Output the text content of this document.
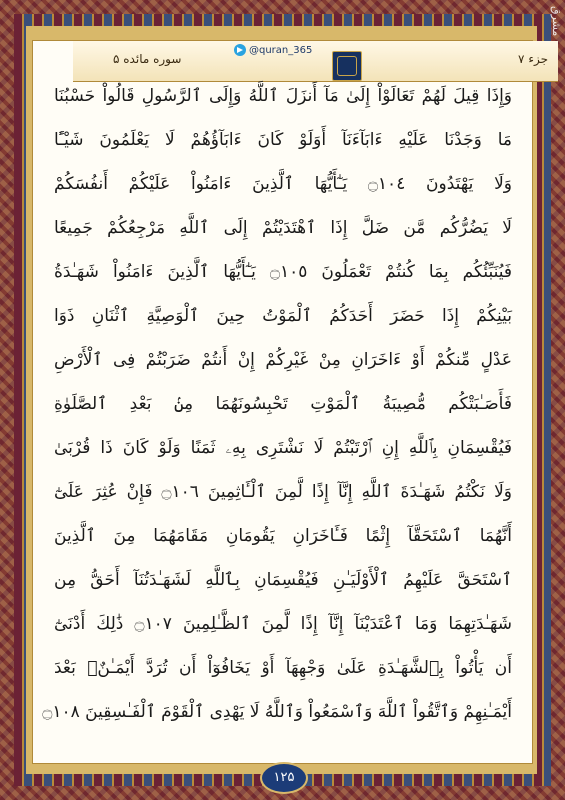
جزء ۷
سوره مائده ۵
@quran_365
مشرق
وَإِذَا قِيلَ لَهُمْ تَعَالَوْاْ إِلَىٰ مَآ أَنزَلَ ٱللَّهُ وَإِلَى ٱلرَّسُولِ قَالُواْ حَسْبُنَا
مَا وَجَدْنَا عَلَيْهِ ءَابَآءَنَآ أَوَلَوْ كَانَ ءَابَآؤُهُمْ لَا يَعْلَمُونَ شَيْـًٔا
وَلَا يَهْتَدُونَ ۝١٠٤ يَـٰٓأَيُّهَا ٱلَّذِينَ ءَامَنُواْ عَلَيْكُمْ أَنفُسَكُمْ
لَا يَضُرُّكُم مَّن ضَلَّ إِذَا ٱهْتَدَيْتُمْ إِلَى ٱللَّهِ مَرْجِعُكُمْ جَمِيعًا
فَيُنَبِّئُكُم بِمَا كُنتُمْ تَعْمَلُونَ ۝١٠٥ يَـٰٓأَيُّهَا ٱلَّذِينَ ءَامَنُواْ شَهَـٰدَةُ
بَيْنِكُمْ إِذَا حَضَرَ أَحَدَكُمُ ٱلْمَوْتُ حِينَ ٱلْوَصِيَّةِ ٱثْنَانِ ذَوَا
عَدْلٍ مِّنكُمْ أَوْ ءَاخَرَانِ مِنْ غَيْرِكُمْ إِنْ أَنتُمْ ضَرَبْتُمْ فِى ٱلْأَرْضِ
فَأَصَـٰبَتْكُم مُّصِيبَةُ ٱلْمَوْتِ تَحْبِسُونَهُمَا مِنۢ بَعْدِ ٱلصَّلَوٰةِ
فَيُقْسِمَانِ بِٱللَّهِ إِنِ ٱرْتَبْتُمْ لَا نَشْتَرِى بِهِۦ ثَمَنًا وَلَوْ كَانَ ذَا قُرْبَىٰ
وَلَا نَكْتُمُ شَهَـٰدَةَ ٱللَّهِ إِنَّآ إِذًا لَّمِنَ ٱلْـَٔاثِمِينَ ۝١٠٦ فَإِنْ عُثِرَ عَلَىٰٓ
أَنَّهُمَا ٱسْتَحَقَّآ إِثْمًا فَـَٔاخَرَانِ يَقُومَانِ مَقَامَهُمَا مِنَ ٱلَّذِينَ
ٱسْتَحَقَّ عَلَيْهِمُ ٱلْأَوْلَيَـٰنِ فَيُقْسِمَانِ بِٱللَّهِ لَشَهَـٰدَتُنَآ أَحَقُّ مِن
شَهَـٰدَتِهِمَا وَمَا ٱعْتَدَيْنَآ إِنَّآ إِذًا لَّمِنَ ٱلظَّـٰلِمِينَ ۝١٠٧ ذَٰلِكَ أَدْنَىٰٓ
أَن يَأْتُواْ بِٱلشَّهَـٰدَةِ عَلَىٰ وَجْهِهَآ أَوْ يَخَافُوٓاْ أَن تُرَدَّ أَيْمَـٰنٌۢ بَعْدَ
أَيْمَـٰنِهِمْ وَٱتَّقُواْ ٱللَّهَ وَٱسْمَعُواْ وَٱللَّهُ لَا يَهْدِى ٱلْقَوْمَ ٱلْفَـٰسِقِينَ ۝١٠٨
۱۲۵
